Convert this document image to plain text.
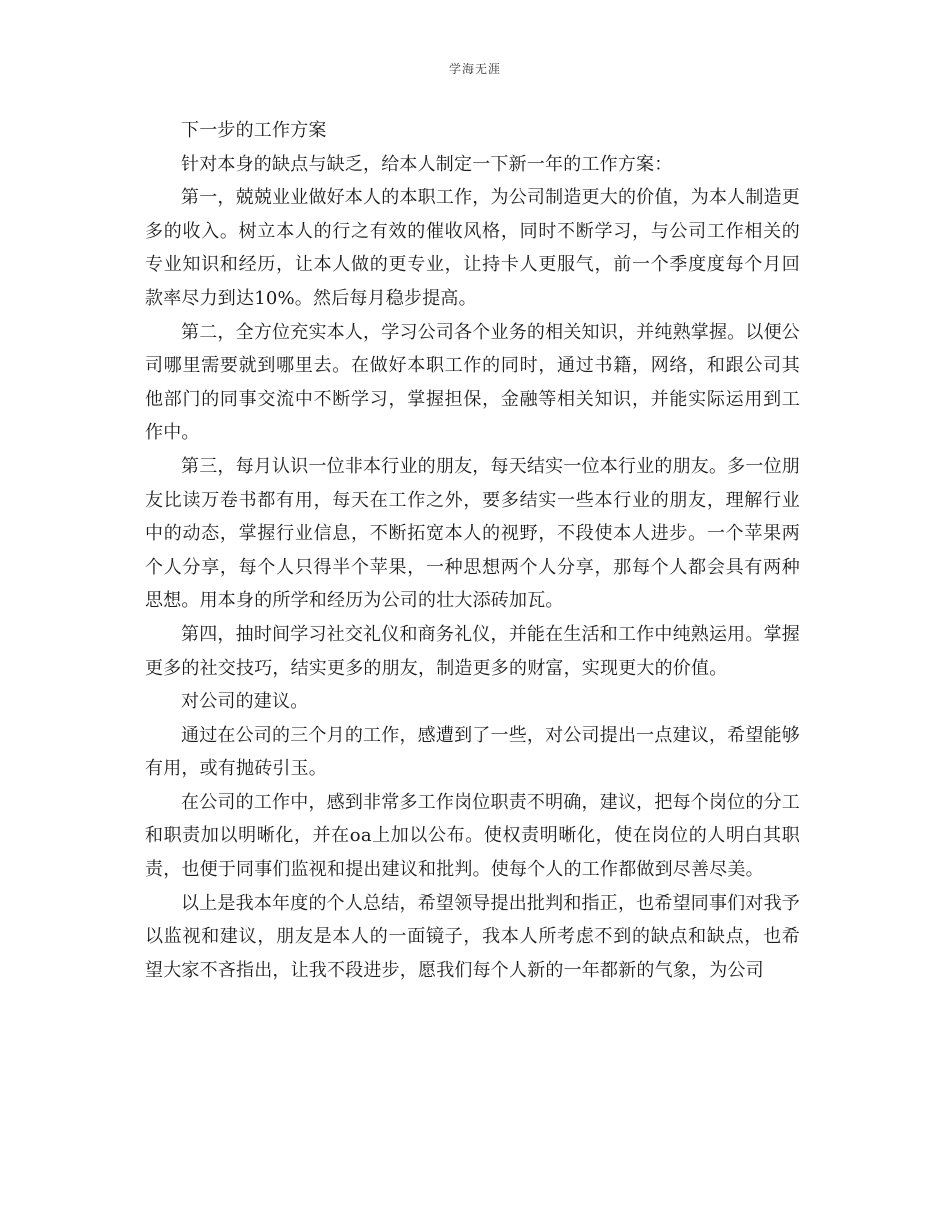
学海无涯

下一步的工作方案

针对本身的缺点与缺乏，给本人制定一下新一年的工作方案：

第一，兢兢业业做好本人的本职工作，为公司制造更大的价值，为本人制造更多的收入。树立本人的行之有效的催收风格，同时不断学习，与公司工作相关的专业知识和经历，让本人做的更专业，让持卡人更服气，前一个季度度每个月回款率尽力到达10%。然后每月稳步提高。

第二，全方位充实本人，学习公司各个业务的相关知识，并纯熟掌握。以便公司哪里需要就到哪里去。在做好本职工作的同时，通过书籍，网络，和跟公司其他部门的同事交流中不断学习，掌握担保，金融等相关知识，并能实际运用到工作中。

第三，每月认识一位非本行业的朋友，每天结实一位本行业的朋友。多一位朋友比读万卷书都有用，每天在工作之外，要多结实一些本行业的朋友，理解行业中的动态，掌握行业信息，不断拓宽本人的视野，不段使本人进步。一个苹果两个人分享，每个人只得半个苹果，一种思想两个人分享，那每个人都会具有两种思想。用本身的所学和经历为公司的壮大添砖加瓦。

第四，抽时间学习社交礼仪和商务礼仪，并能在生活和工作中纯熟运用。掌握更多的社交技巧，结实更多的朋友，制造更多的财富，实现更大的价值。

对公司的建议。

通过在公司的三个月的工作，感遭到了一些，对公司提出一点建议，希望能够有用，或有抛砖引玉。

在公司的工作中，感到非常多工作岗位职责不明确，建议，把每个岗位的分工和职责加以明晰化，并在oa上加以公布。使权责明晰化，使在岗位的人明白其职责，也便于同事们监视和提出建议和批判。使每个人的工作都做到尽善尽美。

以上是我本年度的个人总结，希望领导提出批判和指正，也希望同事们对我予以监视和建议，朋友是本人的一面镜子，我本人所考虑不到的缺点和缺点，也希望大家不吝指出，让我不段进步，愿我们每个人新的一年都新的气象，为公司
